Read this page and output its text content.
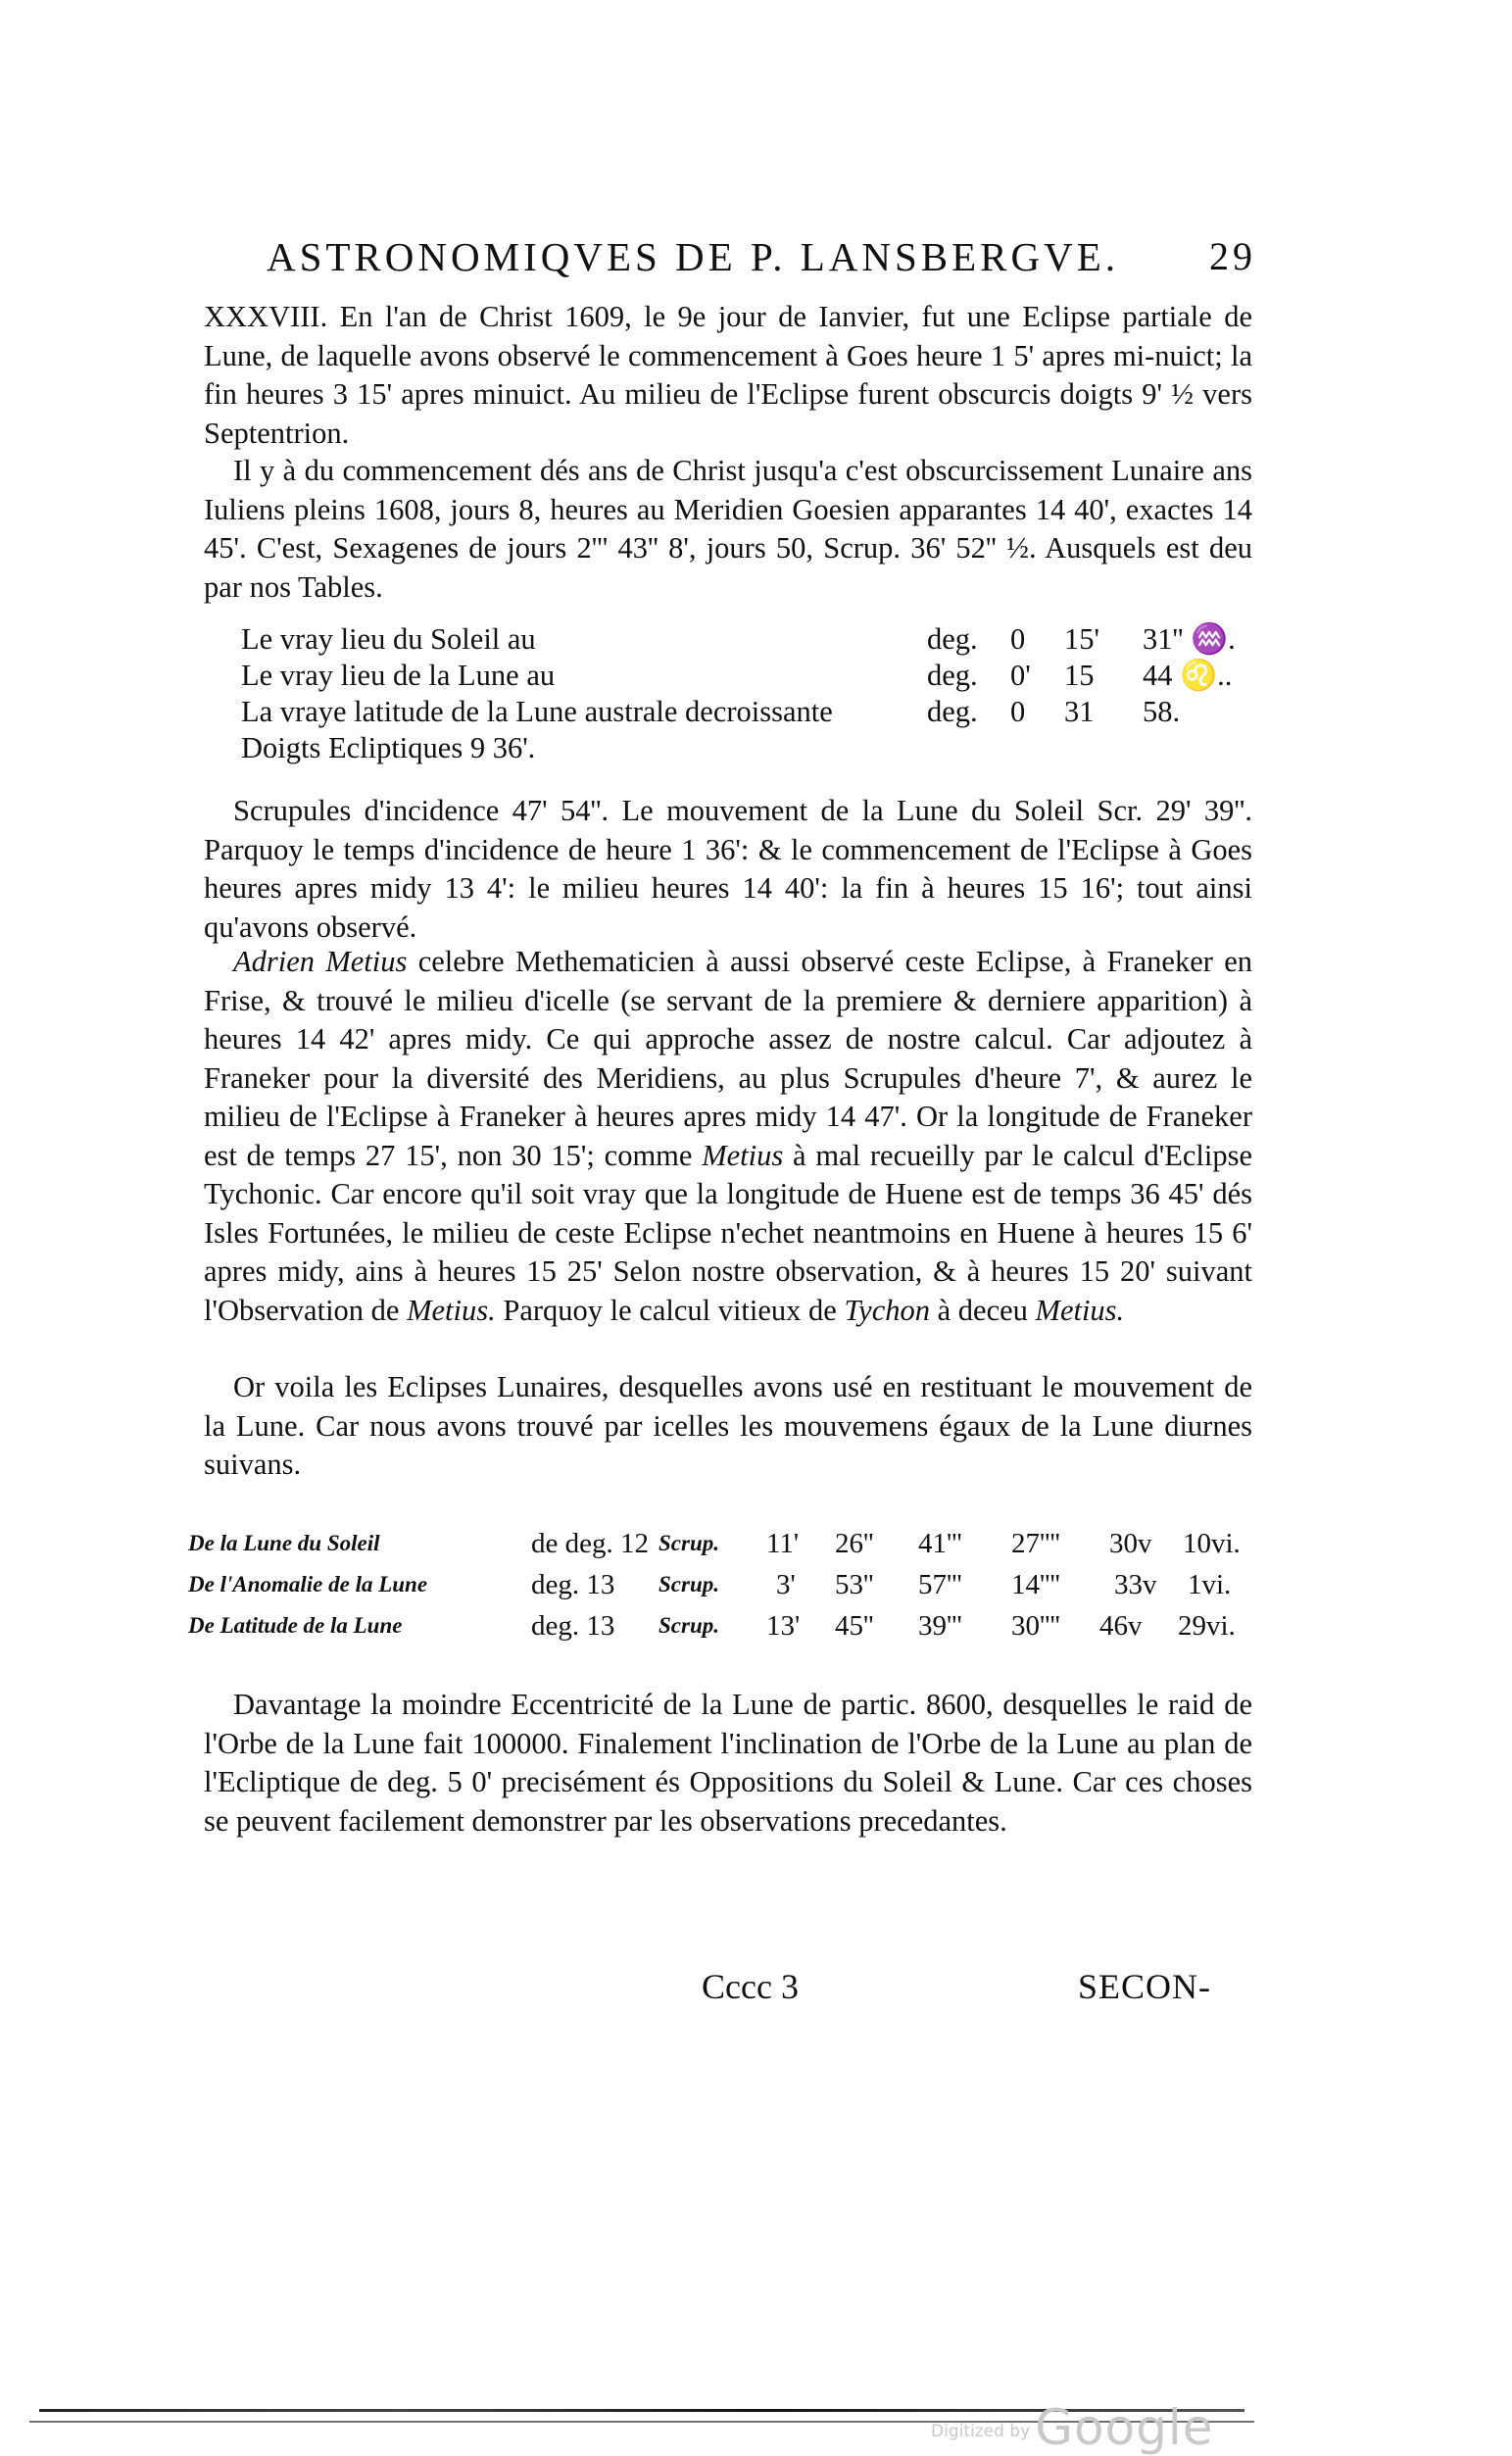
ASTRONOMIQVES DE P. LANSBERGVE. 29
XXXVIII. En l'an de Christ 1609, le 9e jour de Ianvier, fut une Eclipse partiale de Lune, de laquelle avons observé le commencement à Goes heure 1 5' apres mi-nuict; la fin heures 3 15' apres minuict. Au milieu de l'Eclipse furent obscurcis doigts 9' ½ vers Septentrion.
Il y à du commencement dés ans de Christ jusqu'a c'est obscurcissement Lunaire ans Iuliens pleins 1608, jours 8, heures au Meridien Goesien apparantes 14 40', exactes 14 45'. C'est, Sexagenes de jours 2''' 43'' 8', jours 50, Scrup. 36' 52'' ½. Ausquels est deu par nos Tables.
Le vray lieu du Soleil au	deg. 0 15' 31'' ♒.
Le vray lieu de la Lune au	deg. 0' 15 44 ♌..
La vraye latitude de la Lune australe decroissante	deg. 0 31 58.
Doigts Ecliptiques 9 36'.
Scrupules d'incidence 47' 54''. Le mouvement de la Lune du Soleil Scr. 29' 39''. Parquoy le temps d'incidence de heure 1 36': & le commencement de l'Eclipse à Goes heures apres midy 13 4': le milieu heures 14 40': la fin à heures 15 16'; tout ainsi qu'avons observé.
Adrien Metius celebre Methematicien à aussi observé ceste Eclipse, à Franeker en Frise, & trouvé le milieu d'icelle (se servant de la premiere & derniere apparition) à heures 14 42' apres midy. Ce qui approche assez de nostre calcul. Car adjoutez à Franeker pour la diversité des Meridiens, au plus Scrupules d'heure 7', & aurez le milieu de l'Eclipse à Franeker à heures apres midy 14 47'. Or la longitude de Franeker est de temps 27 15', non 30 15'; comme Metius à mal recueilly par le calcul d'Eclipse Tychonic. Car encore qu'il soit vray que la longitude de Huene est de temps 36 45' dés Isles Fortunées, le milieu de ceste Eclipse n'echet neantmoins en Huene à heures 15 6' apres midy, ains à heures 15 25' Selon nostre observation, & à heures 15 20' suivant l'Observation de Metius. Parquoy le calcul vitieux de Tychon à deceu Metius.
Or voila les Eclipses Lunaires, desquelles avons usé en restituant le mouvement de la Lune. Car nous avons trouvé par icelles les mouvemens égaux de la Lune diurnes suivans.
De la Lune du Soleil	de deg. 12 Scrup. 11' 26'' 41''' 27'''' 30v 10vi.
De l'Anomalie de la Lune	deg. 13 Scrup. 3' 53'' 57''' 14'''' 33v 1vi.
De Latitude de la Lune	deg. 13 Scrup. 13' 45'' 39''' 30'''' 46v 29vi.
Davantage la moindre Eccentricité de la Lune de partic. 8600, desquelles le raid de l'Orbe de la Lune fait 100000. Finalement l'inclination de l'Orbe de la Lune au plan de l'Ecliptique de deg. 5 0' precisément és Oppositions du Soleil & Lune. Car ces choses se peuvent facilement demonstrer par les observations precedantes.
Cccc 3	SECON-
Digitized by Google
